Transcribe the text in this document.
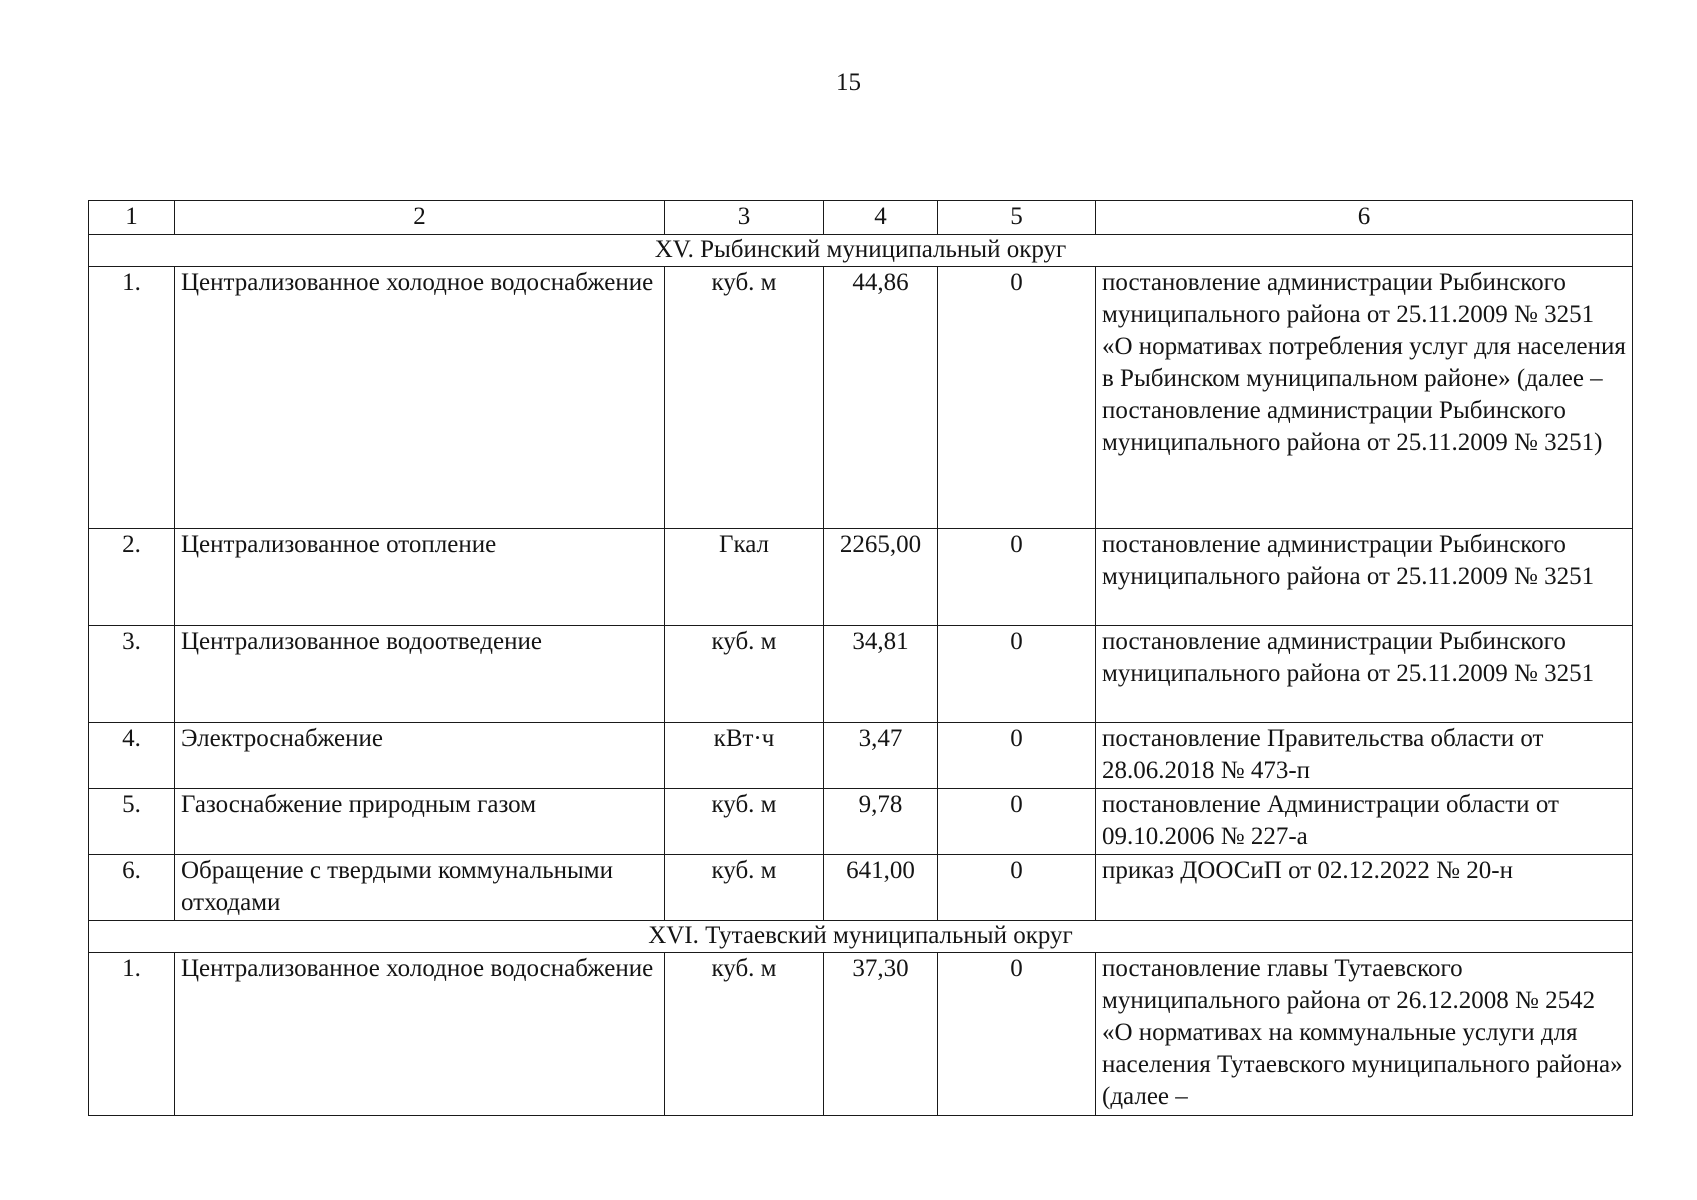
15
1	2	3	4	5	6
XV. Рыбинский муниципальный округ					
1.	Централизованное холодное водоснабжение	куб. м	44,86	0	постановление администрации Рыбинского муниципального района от 25.11.2009 № 3251 «О нормативах потребления услуг для населения в Рыбинском муниципальном районе» (далее – постановление администрации Рыбинского муниципального района от 25.11.2009 № 3251)
2.	Централизованное отопление	Гкал	2265,00	0	постановление администрации Рыбинского муниципального района от 25.11.2009 № 3251
3.	Централизованное водоотведение	куб. м	34,81	0	постановление администрации Рыбинского муниципального района от 25.11.2009 № 3251
4.	Электроснабжение	кВт·ч	3,47	0	постановление Правительства области от 28.06.2018 № 473-п
5.	Газоснабжение природным газом	куб. м	9,78	0	постановление Администрации области от 09.10.2006 № 227-а
6.	Обращение с твердыми коммунальными отходами	куб. м	641,00	0	приказ ДООСиП от 02.12.2022 № 20-н
XVI. Тутаевский муниципальный округ					
1.	Централизованное холодное водоснабжение	куб. м	37,30	0	постановление главы Тутаевского муниципального района от 26.12.2008 № 2542 «О нормативах на коммунальные услуги для населения Тутаевского муниципального района» (далее –
